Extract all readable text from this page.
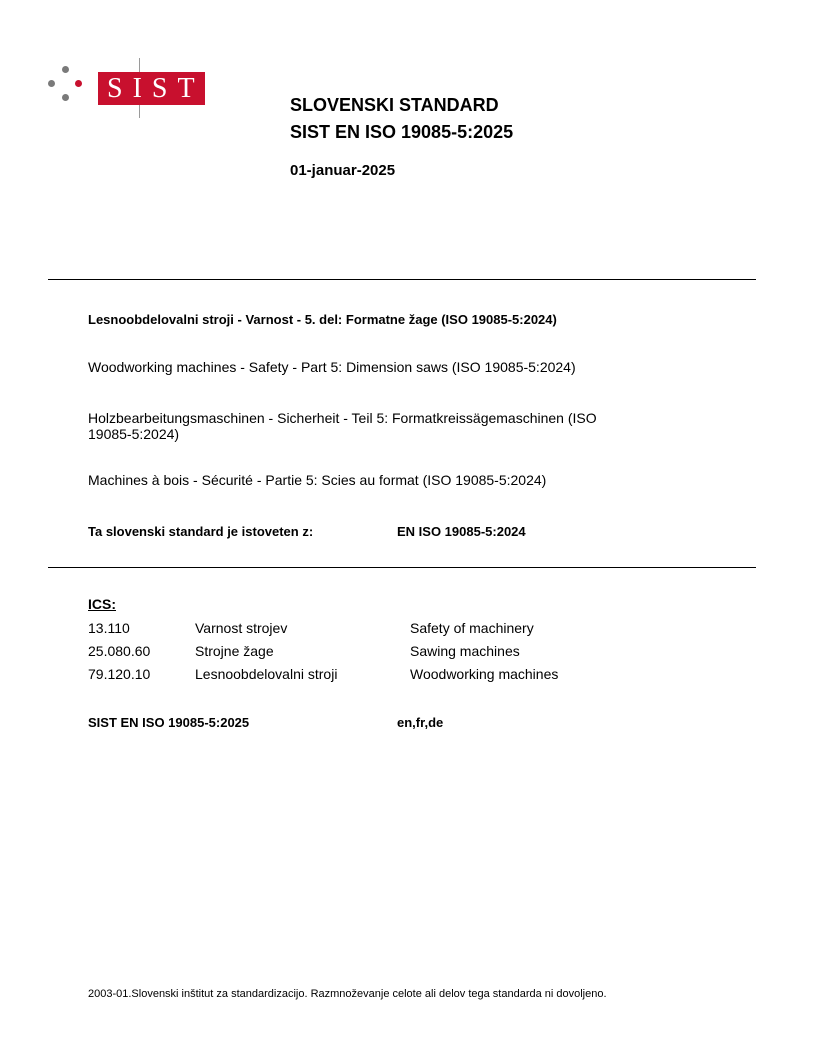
SIST
SLOVENSKI STANDARD
SIST EN ISO 19085-5:2025
01-januar-2025
Lesnoobdelovalni stroji - Varnost - 5. del: Formatne žage (ISO 19085-5:2024)
Woodworking machines - Safety - Part 5: Dimension saws (ISO 19085-5:2024)
Holzbearbeitungsmaschinen - Sicherheit - Teil 5: Formatkreissägemaschinen (ISO
19085-5:2024)
Machines à bois - Sécurité - Partie 5: Scies au format (ISO 19085-5:2024)
Ta slovenski standard je istoveten z:	EN ISO 19085-5:2024
ICS:
13.110	Varnost strojev	Safety of machinery
25.080.60	Strojne žage	Sawing machines
79.120.10	Lesnoobdelovalni stroji	Woodworking machines
SIST EN ISO 19085-5:2025	en,fr,de
2003-01.Slovenski inštitut za standardizacijo. Razmnoževanje celote ali delov tega standarda ni dovoljeno.
